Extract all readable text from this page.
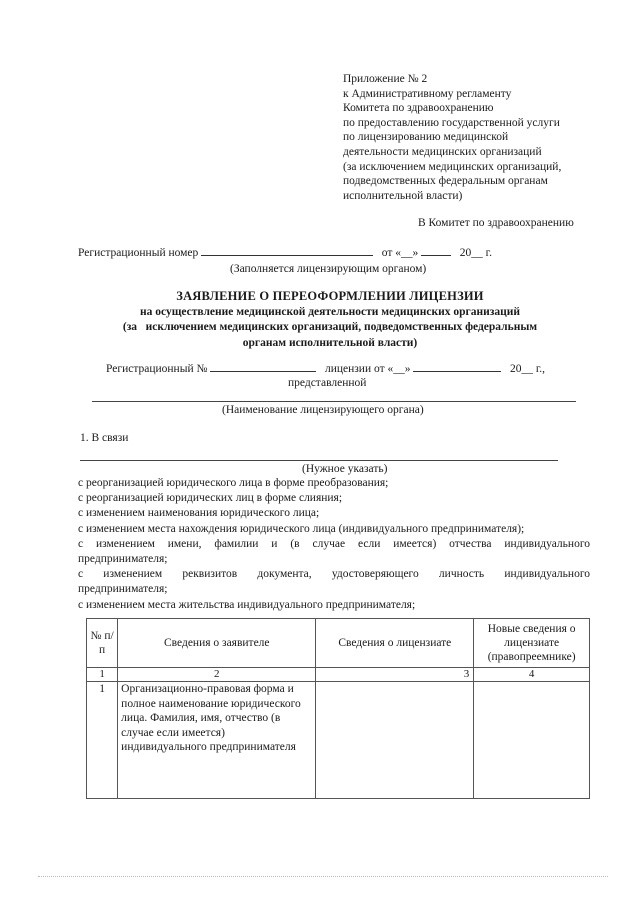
Приложение № 2
к Административному регламенту
Комитета по здравоохранению
по предоставлению государственной услуги
по лицензированию медицинской
деятельности медицинских организаций
(за исключением медицинских организаций,
подведомственных федеральным органам
исполнительной власти)
В Комитет по здравоохранению
Регистрационный номер	от «__»	20__ г.
(Заполняется лицензирующим органом)
ЗАЯВЛЕНИЕ О ПЕРЕОФОРМЛЕНИИ ЛИЦЕНЗИИ
на осуществление медицинской деятельности медицинских организаций
(за   исключением медицинских организаций, подведомственных федеральным
органам исполнительной власти)
Регистрационный №	лицензии от «__»	20__ г.,
представленной
(Наименование лицензирующего органа)
1. В связи
(Нужное указать)
с реорганизацией юридического лица в форме преобразования;
с реорганизацией юридических лиц в форме слияния;
с изменением наименования юридического лица;
с изменением места нахождения юридического лица (индивидуального предпринимателя);
с   изменением   имени,   фамилии   и   (в   случае   если   имеется)   отчества   индивидуального
предпринимателя;
с    изменением    реквизитов    документа,    удостоверяющего    личность    индивидуального
предпринимателя;
с изменением места жительства индивидуального предпринимателя;
№ п/п	Сведения о заявителе	Сведения о лицензиате	Новые сведения о лицензиате (правопреемнике)
1	2	3	4
1	Организационно-правовая форма и полное наименование юридического лица. Фамилия, имя, отчество (в случае если имеется) индивидуального предпринимателя		
